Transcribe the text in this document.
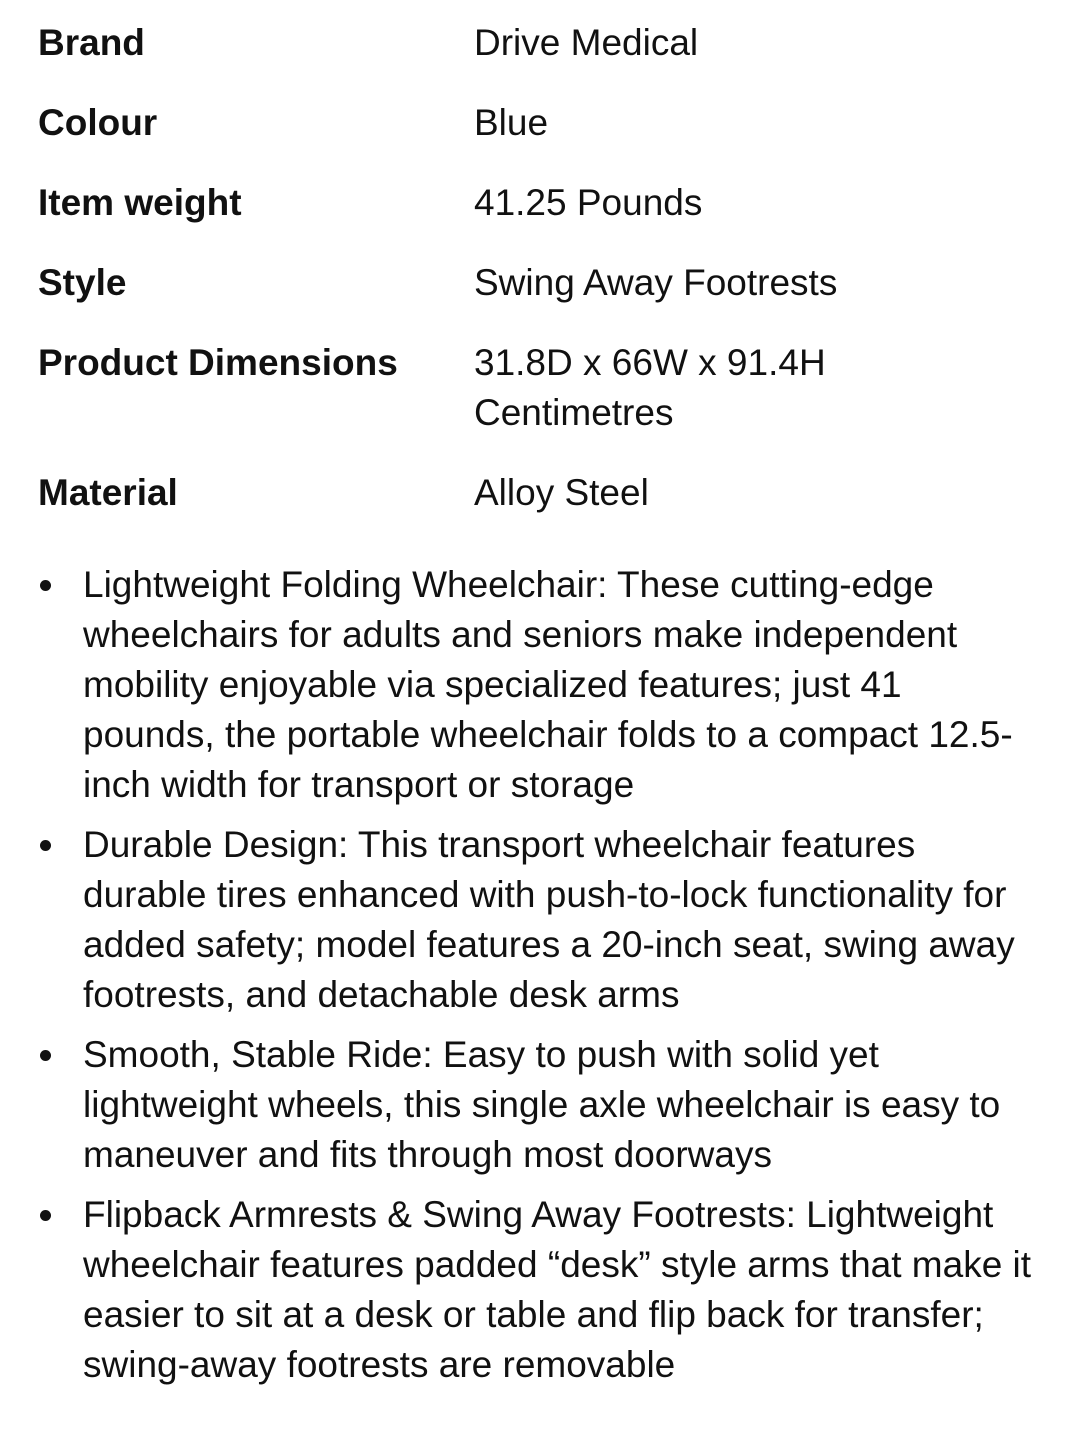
Brand	Drive Medical
Colour	Blue
Item weight	41.25 Pounds
Style	Swing Away Footrests
Product Dimensions	31.8D x 66W x 91.4H Centimetres
Material	Alloy Steel
Lightweight Folding Wheelchair: These cutting-edge wheelchairs for adults and seniors make independent mobility enjoyable via specialized features; just 41 pounds, the portable wheelchair folds to a compact 12.5-inch width for transport or storage
Durable Design: This transport wheelchair features durable tires enhanced with push-to-lock functionality for added safety; model features a 20-inch seat, swing away footrests, and detachable desk arms
Smooth, Stable Ride: Easy to push with solid yet lightweight wheels, this single axle wheelchair is easy to maneuver and fits through most doorways
Flipback Armrests & Swing Away Footrests: Lightweight wheelchair features padded “desk” style arms that make it easier to sit at a desk or table and flip back for transfer; swing-away footrests are removable
